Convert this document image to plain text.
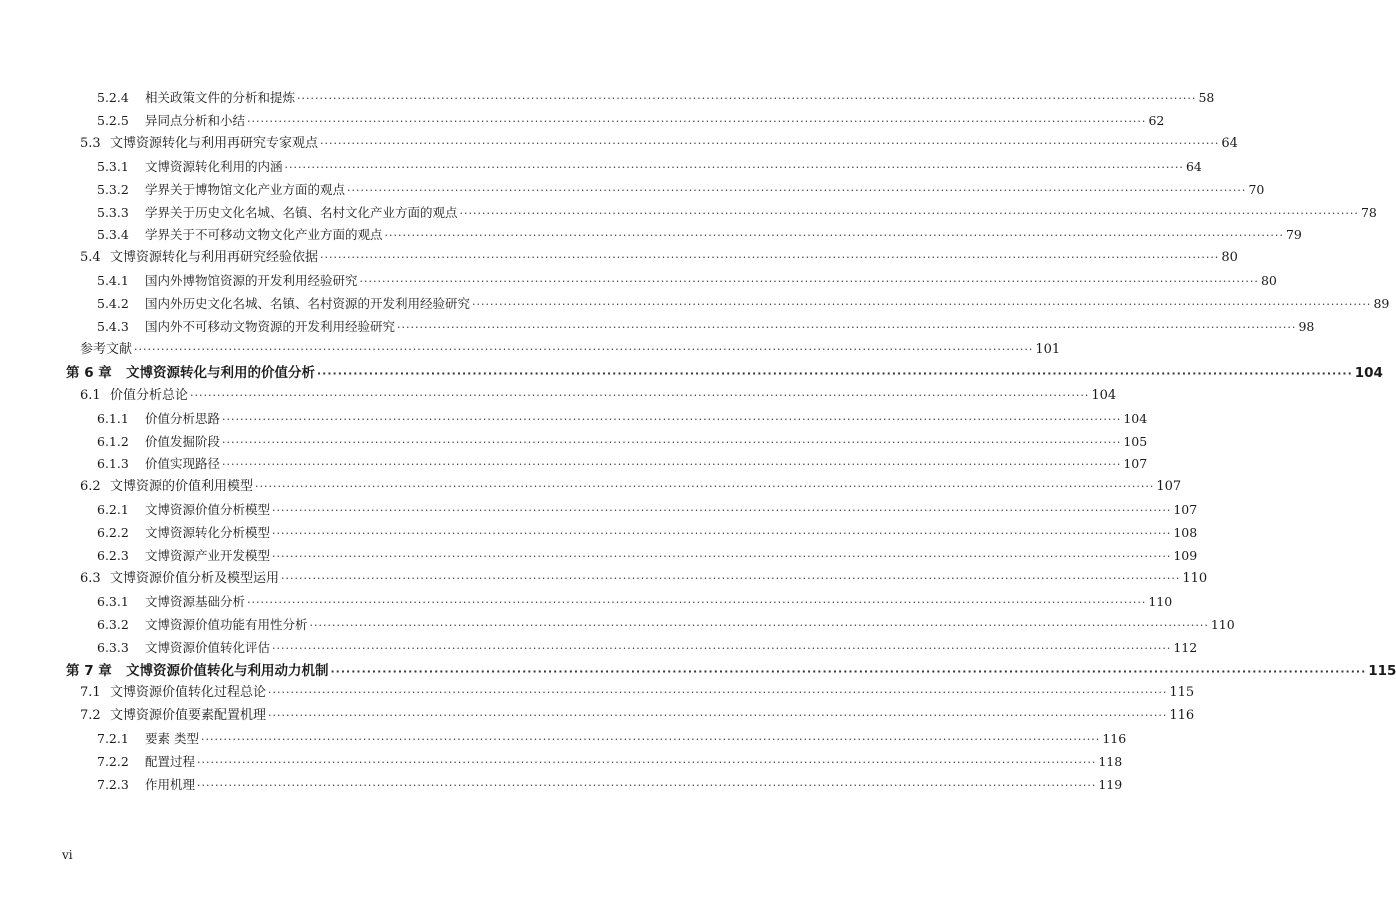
5.2.4	相关政策文件的分析和提炼 ········································································································································································································ 58
5.2.5	异同点分析和小结 ········································································································································································································ 62
5.3 文博资源转化与利用再研究专家观点 ········································································································································································································ 64
5.3.1	文博资源转化利用的内涵 ········································································································································································································ 64
5.3.2	学界关于博物馆文化产业方面的观点 ········································································································································································································ 70
5.3.3	学界关于历史文化名城、名镇、名村文化产业方面的观点 ········································································································································································································ 78
5.3.4	学界关于不可移动文物文化产业方面的观点 ········································································································································································································ 79
5.4 文博资源转化与利用再研究经验依据 ········································································································································································································ 80
5.4.1	国内外博物馆资源的开发利用经验研究 ········································································································································································································ 80
5.4.2	国内外历史文化名城、名镇、名村资源的开发利用经验研究 ········································································································································································································ 89
5.4.3	国内外不可移动文物资源的开发利用经验研究 ········································································································································································································ 98
参考文献 ········································································································································································································ 101
第 6 章	文博资源转化与利用的价值分析 ········································································································································································································ 104
6.1 价值分析总论 ········································································································································································································ 104
6.1.1	价值分析思路 ········································································································································································································ 104
6.1.2	价值发掘阶段 ········································································································································································································ 105
6.1.3	价值实现路径 ········································································································································································································ 107
6.2 文博资源的价值利用模型 ········································································································································································································ 107
6.2.1	文博资源价值分析模型 ········································································································································································································ 107
6.2.2	文博资源转化分析模型 ········································································································································································································ 108
6.2.3	文博资源产业开发模型 ········································································································································································································ 109
6.3 文博资源价值分析及模型运用 ········································································································································································································ 110
6.3.1	文博资源基础分析 ········································································································································································································ 110
6.3.2	文博资源价值功能有用性分析 ········································································································································································································ 110
6.3.3	文博资源价值转化评估 ········································································································································································································ 112
第 7 章	文博资源价值转化与利用动力机制 ········································································································································································································ 115
7.1 文博资源价值转化过程总论 ········································································································································································································ 115
7.2 文博资源价值要素配置机理 ········································································································································································································ 116
7.2.1	要素 类型 ········································································································································································································ 116
7.2.2	配置过程 ········································································································································································································ 118
7.2.3	作用机理 ········································································································································································································ 119
vi
